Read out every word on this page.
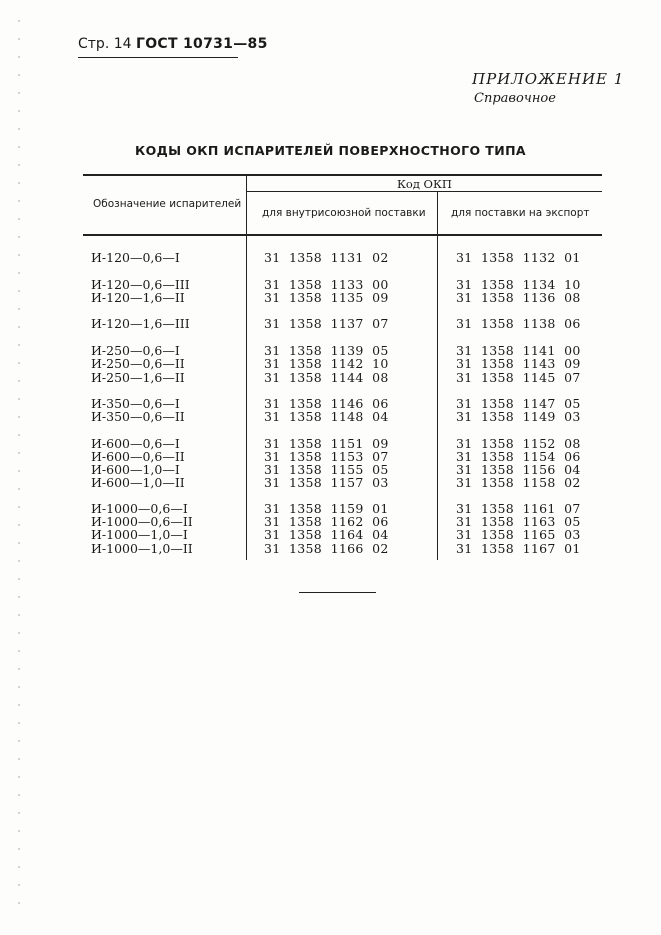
Стр. 14 ГОСТ 10731—85
ПРИЛОЖЕНИЕ 1
Справочное
КОДЫ ОКП ИСПАРИТЕЛЕЙ ПОВЕРХНОСТНОГО ТИПА
Обозначение испарителей
Код ОКП
для внутрисоюзной поставки для поставки на экспорт
И-120—0,6—I	31  1358  1131  02	31  1358  1132  01
И-120—0,6—III	31  1358  1133  00	31  1358  1134  10
И-120—1,6—II	31  1358  1135  09	31  1358  1136  08
И-120—1,6—III	31  1358  1137  07	31  1358  1138  06
И-250—0,6—I	31  1358  1139  05	31  1358  1141  00
И-250—0,6—II	31  1358  1142  10	31  1358  1143  09
И-250—1,6—II	31  1358  1144  08	31  1358  1145  07
И-350—0,6—I	31  1358  1146  06	31  1358  1147  05
И-350—0,6—II	31  1358  1148  04	31  1358  1149  03
И-600—0,6—I	31  1358  1151  09	31  1358  1152  08
И-600—0,6—II	31  1358  1153  07	31  1358  1154  06
И-600—1,0—I	31  1358  1155  05	31  1358  1156  04
И-600—1,0—II	31  1358  1157  03	31  1358  1158  02
И-1000—0,6—I	31  1358  1159  01	31  1358  1161  07
И-1000—0,6—II	31  1358  1162  06	31  1358  1163  05
И-1000—1,0—I	31  1358  1164  04	31  1358  1165  03
И-1000—1,0—II	31  1358  1166  02	31  1358  1167  01
